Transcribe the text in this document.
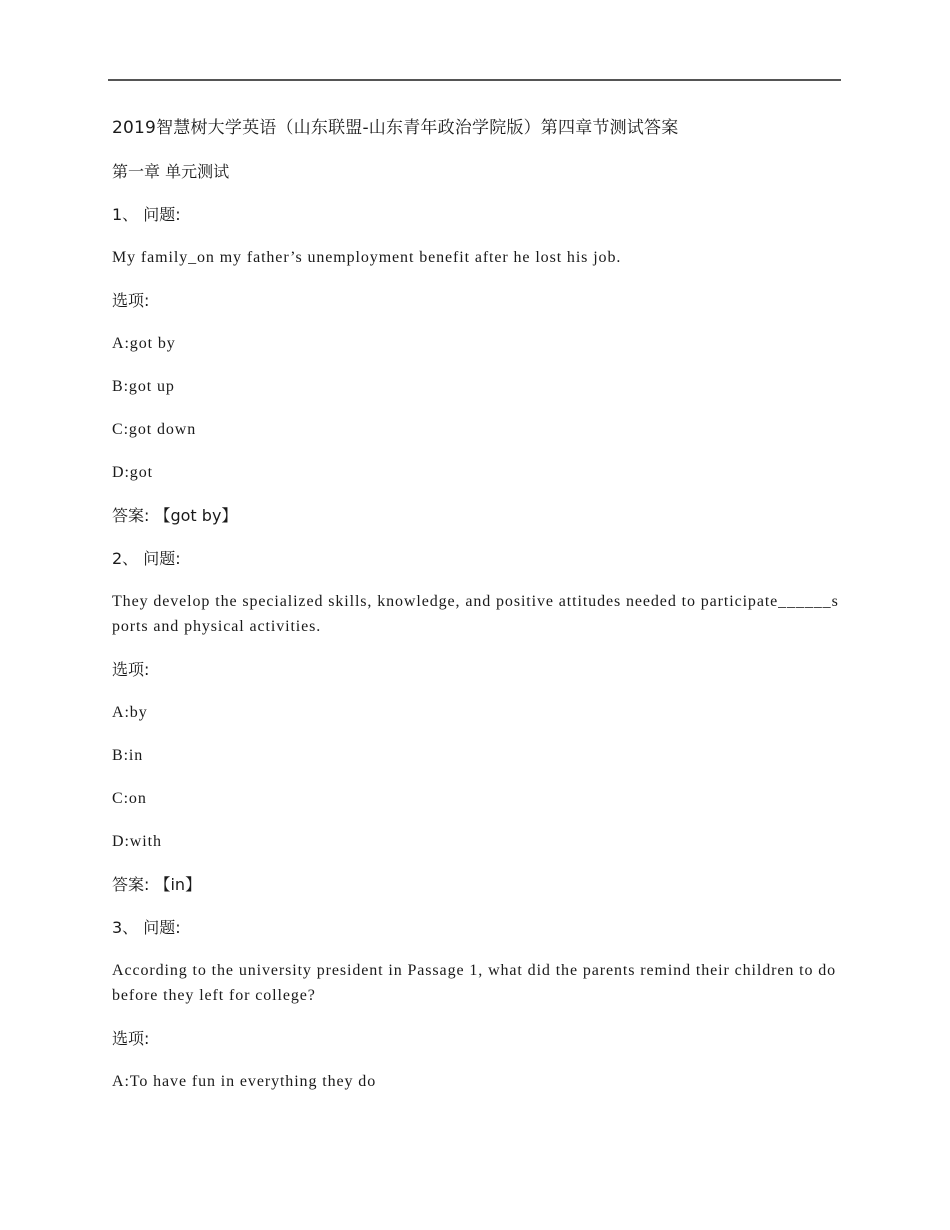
2019智慧树大学英语（山东联盟-山东青年政治学院版）第四章节测试答案

第一章 单元测试

1、 问题:

My family_on my father’s unemployment benefit after he lost his job.

选项:

A:got by

B:got up

C:got down

D:got

答案: 【got by】

2、 问题:

They develop the specialized skills, knowledge, and positive attitudes needed to participate______sports and physical activities.

选项:

A:by

B:in

C:on

D:with

答案: 【in】

3、 问题:

According to the university president in Passage 1, what did the parents remind their children to do before they left for college?

选项:

A:To have fun in everything they do
